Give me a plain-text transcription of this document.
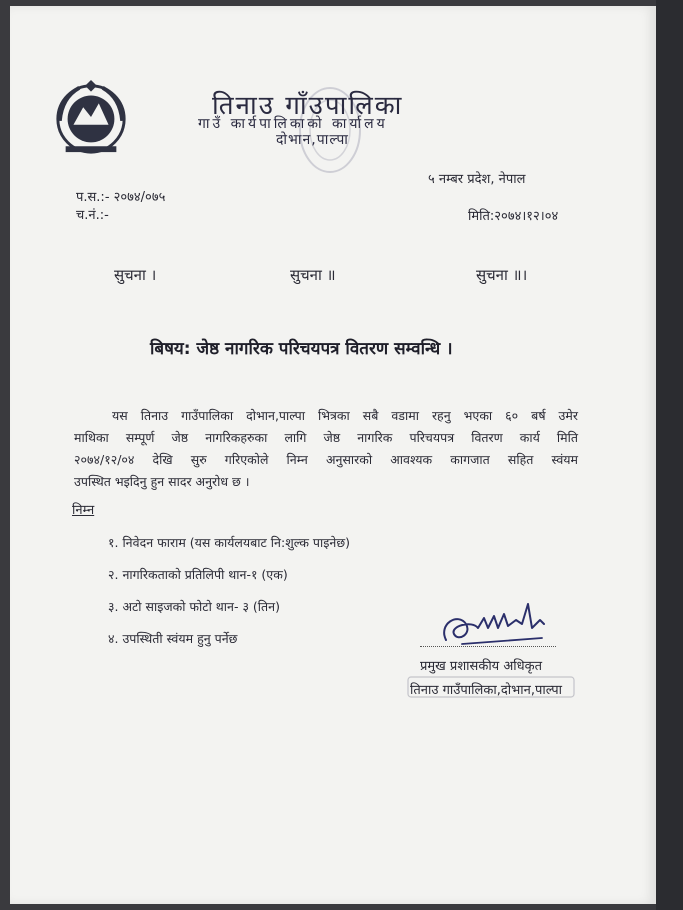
तिनाउ गाँउपालिका
गाउँ कार्यपालिकाको कार्यालय
दोभान,पाल्पा
५ नम्बर प्रदेश, नेपाल
प.स.:- २०७४/०७५
च.नं.:-	मिति:२०७४।१२।०४
सुचना ।	सुचना ॥	सुचना ॥।
बिषय: जेष्ठ नागरिक परिचयपत्र वितरण सम्वन्धि ।
यस तिनाउ गाउँपालिका दोभान,पाल्पा भित्रका सबै वडामा रहनु भएका ६० बर्ष उमेर
माथिका सम्पूर्ण जेष्ठ नागरिकहरुका लागि जेष्ठ नागरिक परिचयपत्र वितरण कार्य मिति
२०७४/१२/०४ देखि सुरु गरिएकोले निम्न अनुसारको आवश्यक कागजात सहित स्वंयम
उपस्थित भइदिनु हुन सादर अनुरोध छ ।
निम्न
१. निवेदन फाराम (यस कार्यलयबाट नि:शुल्क पाइनेछ)
२. नागरिकताको प्रतिलिपी थान-१ (एक)
३. अटो साइजको फोटो थान- ३ (तिन)
४. उपस्थिती स्वंयम हुनु पर्नेछ
प्रमुख प्रशासकीय अधिकृत
तिनाउ गाउँपालिका,दोभान,पाल्पा
